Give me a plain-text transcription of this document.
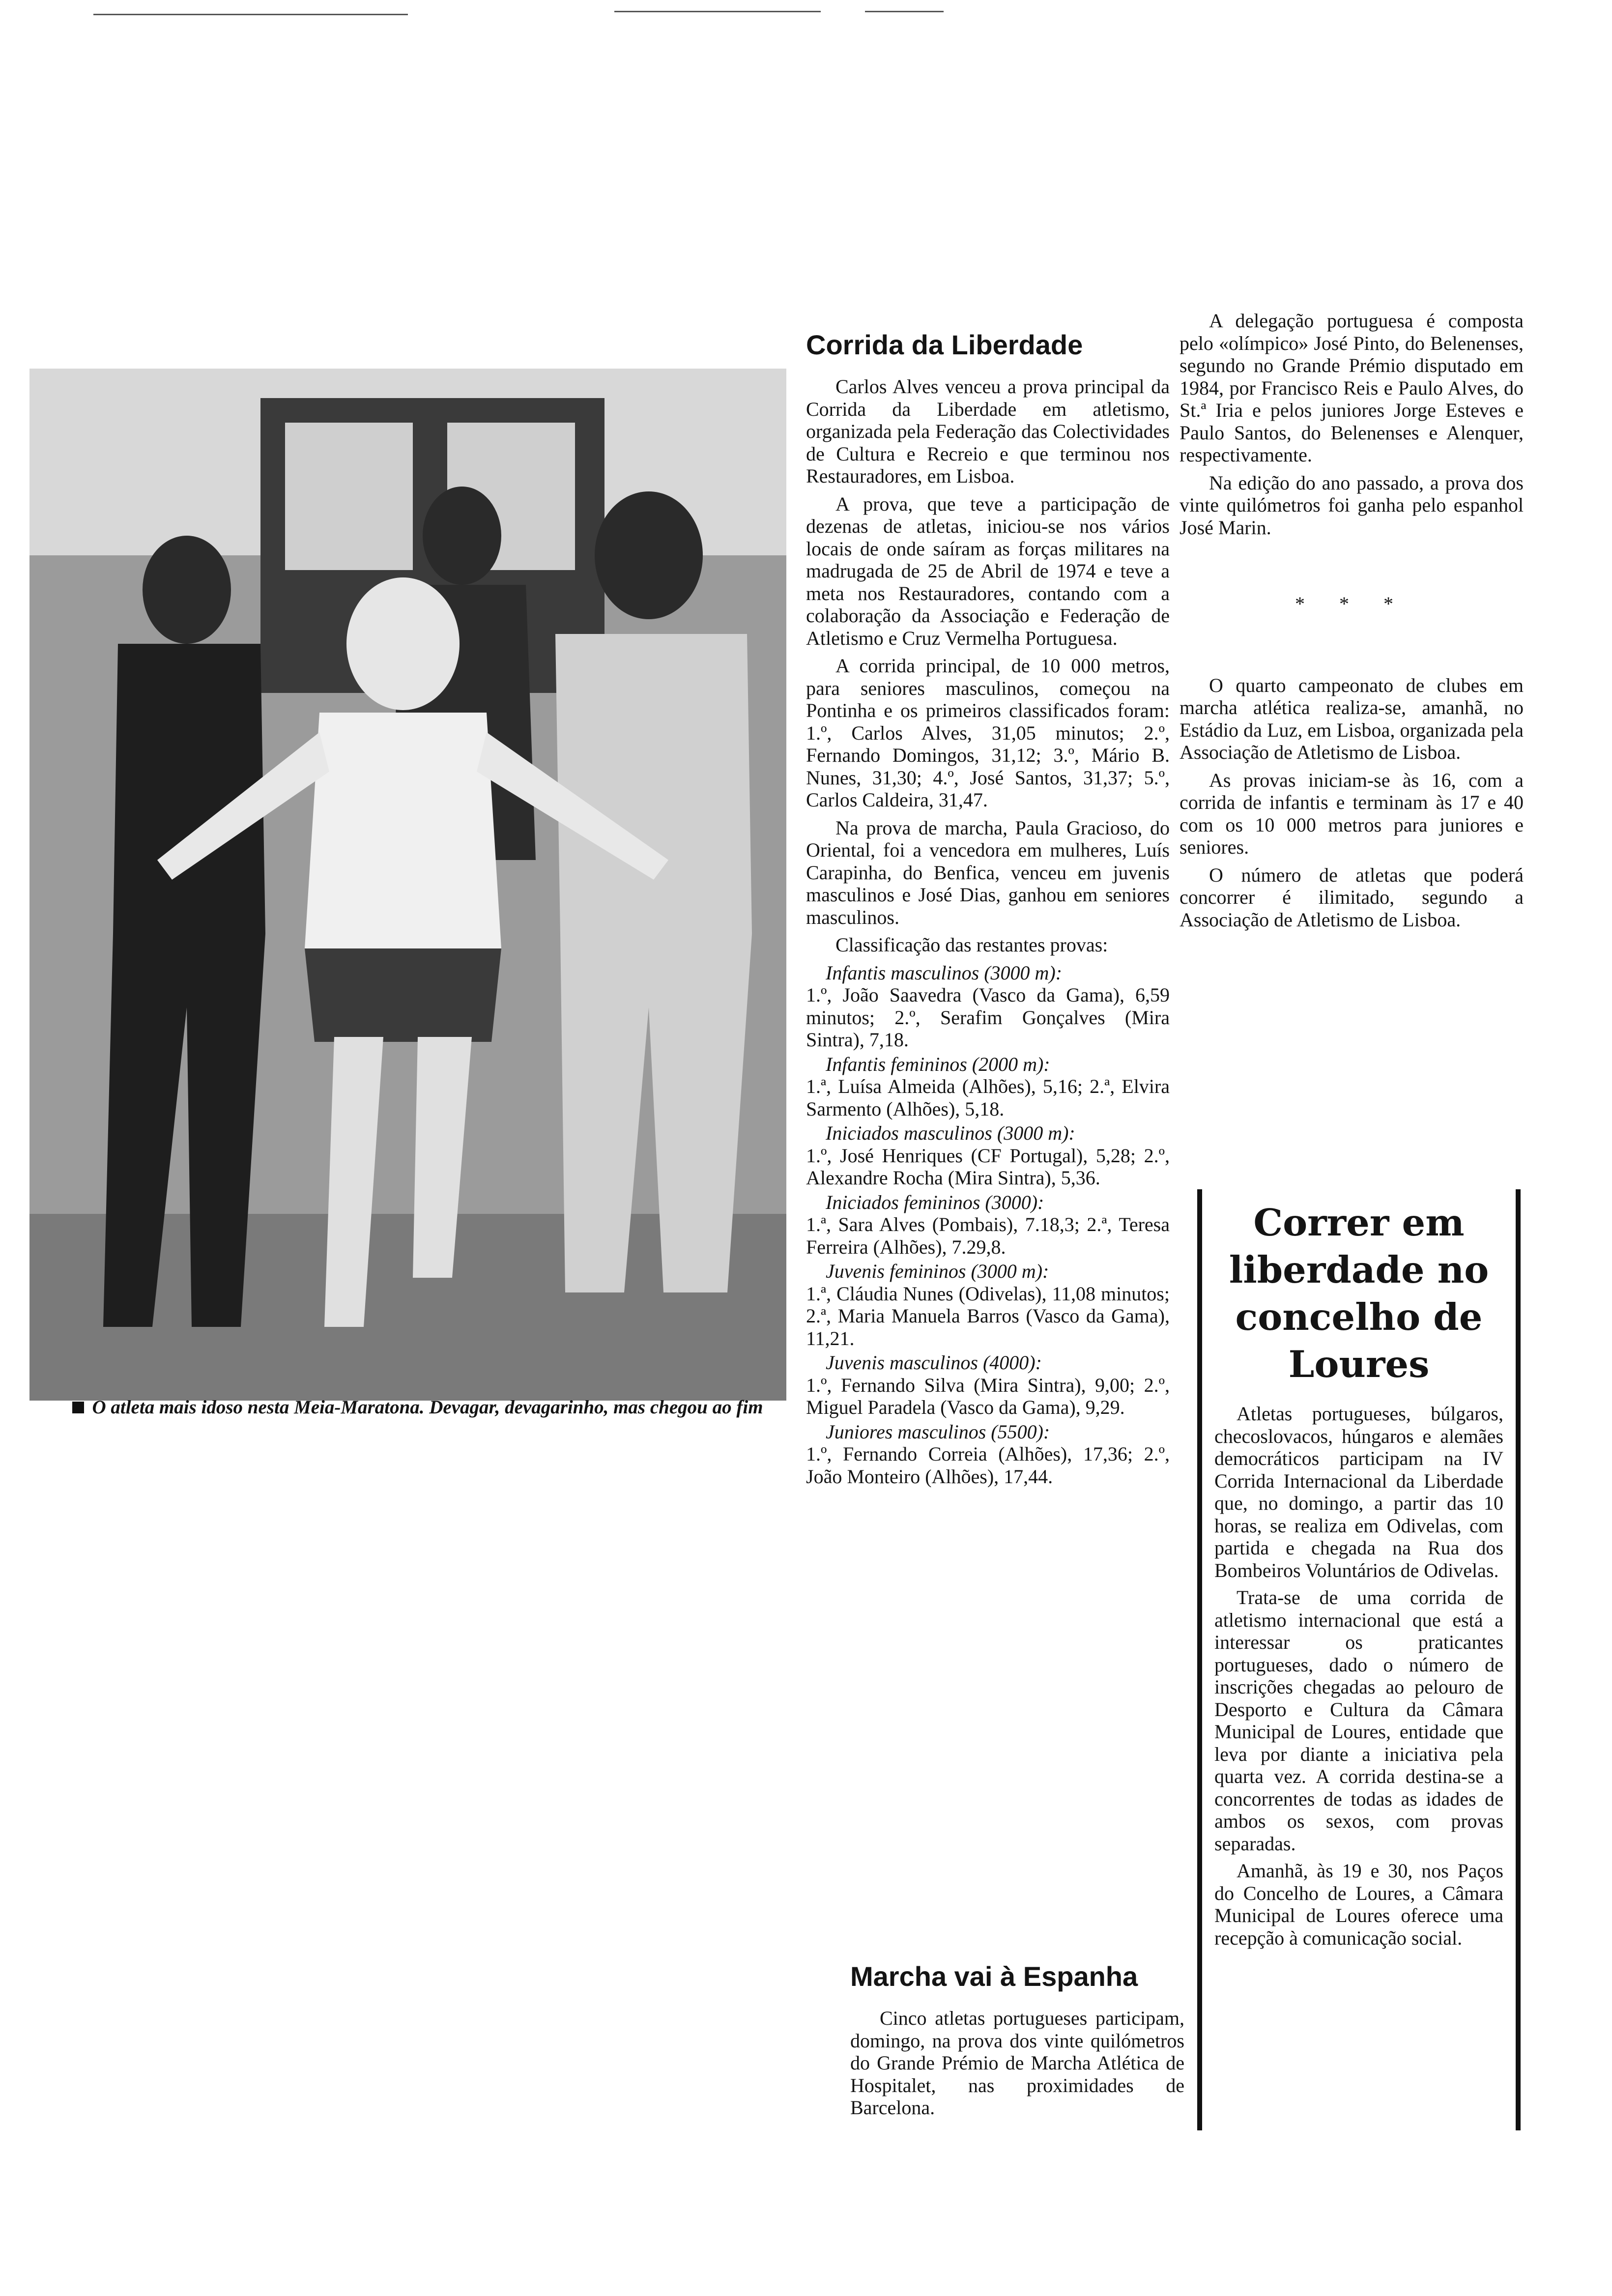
O atleta mais idoso nesta Meia-Maratona. Devagar, devagarinho, mas chegou ao fim
Corrida da Liberdade

Carlos Alves venceu a prova principal da Corrida da Liberdade em atletismo, organizada pela Federação das Colectividades de Cultura e Recreio e que terminou nos Restauradores, em Lisboa.

A prova, que teve a participação de dezenas de atletas, iniciou-se nos vários locais de onde saíram as forças militares na madrugada de 25 de Abril de 1974 e teve a meta nos Restauradores, contando com a colaboração da Associação e Federação de Atletismo e Cruz Vermelha Portuguesa.

A corrida principal, de 10 000 metros, para seniores masculinos, começou na Pontinha e os primeiros classificados foram: 1.º, Carlos Alves, 31,05 minutos; 2.º, Fernando Domingos, 31,12; 3.º, Mário B. Nunes, 31,30; 4.º, José Santos, 31,37; 5.º, Carlos Caldeira, 31,47.

Na prova de marcha, Paula Gracioso, do Oriental, foi a vencedora em mulheres, Luís Carapinha, do Benfica, venceu em juvenis masculinos e José Dias, ganhou em seniores masculinos.

Classificação das restantes provas:

Infantis masculinos (3000 m):

1.º, João Saavedra (Vasco da Gama), 6,59 minutos; 2.º, Serafim Gonçalves (Mira Sintra), 7,18.

Infantis femininos (2000 m):

1.ª, Luísa Almeida (Alhões), 5,16; 2.ª, Elvira Sarmento (Alhões), 5,18.

Iniciados masculinos (3000 m):

1.º, José Henriques (CF Portugal), 5,28; 2.º, Alexandre Rocha (Mira Sintra), 5,36.

Iniciados femininos (3000):

1.ª, Sara Alves (Pombais), 7.18,3; 2.ª, Teresa Ferreira (Alhões), 7.29,8.

Juvenis femininos (3000 m):

1.ª, Cláudia Nunes (Odivelas), 11,08 minutos; 2.ª, Maria Manuela Barros (Vasco da Gama), 11,21.

Juvenis masculinos (4000):

1.º, Fernando Silva (Mira Sintra), 9,00; 2.º, Miguel Paradela (Vasco da Gama), 9,29.

Juniores masculinos (5500):

1.º, Fernando Correia (Alhões), 17,36; 2.º, João Monteiro (Alhões), 17,44.

Marcha vai à Espanha

Cinco atletas portugueses participam, domingo, na prova dos vinte quilómetros do Grande Prémio de Marcha Atlética de Hospitalet, nas proximidades de Barcelona.

A delegação portuguesa é composta pelo «olímpico» José Pinto, do Belenenses, segundo no Grande Prémio disputado em 1984, por Francisco Reis e Paulo Alves, do St.ª Iria e pelos juniores Jorge Esteves e Paulo Santos, do Belenenses e Alenquer, respectivamente.

Na edição do ano passado, a prova dos vinte quilómetros foi ganha pelo espanhol José Marin.

* * *

O quarto campeonato de clubes em marcha atlética realiza-se, amanhã, no Estádio da Luz, em Lisboa, organizada pela Associação de Atletismo de Lisboa.

As provas iniciam-se às 16, com a corrida de infantis e terminam às 17 e 40 com os 10 000 metros para juniores e seniores.

O número de atletas que poderá concorrer é ilimitado, segundo a Associação de Atletismo de Lisboa.

Correr em liberdade no concelho de Loures

Atletas portugueses, búlgaros, checoslovacos, húngaros e alemães democráticos participam na IV Corrida Internacional da Liberdade que, no domingo, a partir das 10 horas, se realiza em Odivelas, com partida e chegada na Rua dos Bombeiros Voluntários de Odivelas.

Trata-se de uma corrida de atletismo internacional que está a interessar os praticantes portugueses, dado o número de inscrições chegadas ao pelouro de Desporto e Cultura da Câmara Municipal de Loures, entidade que leva por diante a iniciativa pela quarta vez. A corrida destina-se a concorrentes de todas as idades de ambos os sexos, com provas separadas.

Amanhã, às 19 e 30, nos Paços do Concelho de Loures, a Câmara Municipal de Loures oferece uma recepção à comunicação social.
